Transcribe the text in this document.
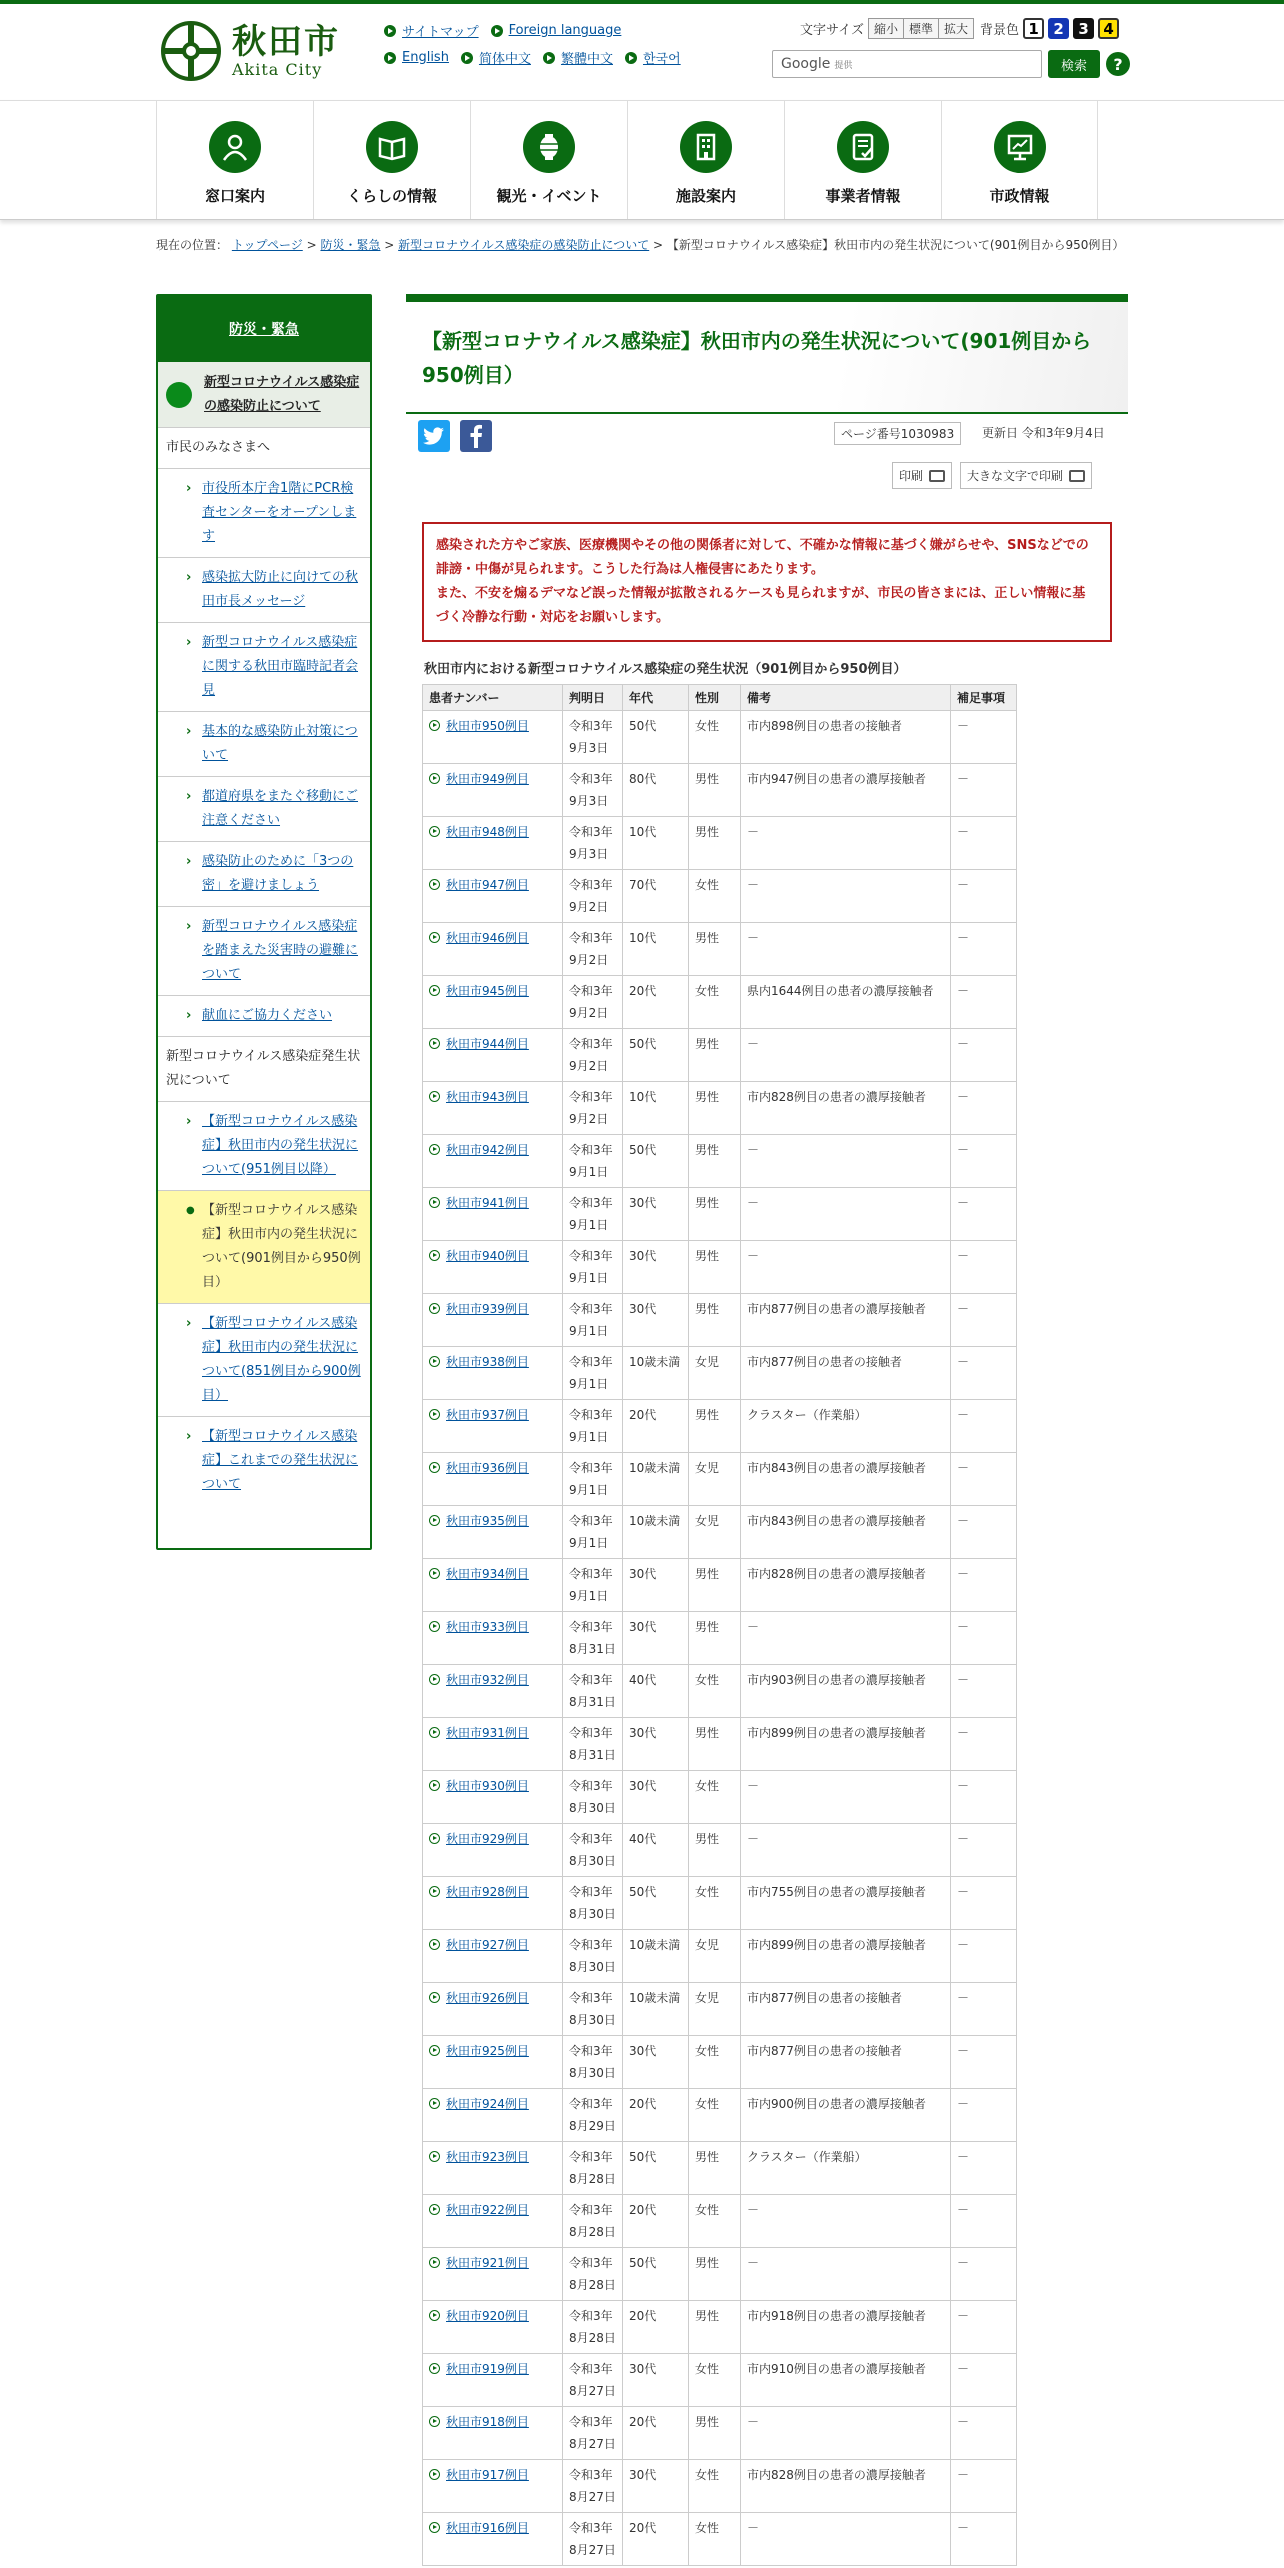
秋田市
Akita City
サイトマップ Foreign language
English 简体中文 繁體中文 한국어
文字サイズ 縮小 標準 拡大 背景色 1 2 3 4
Google 提供	検索	?
窓口案内	くらしの情報	観光・イベント	施設案内	事業者情報	市政情報
現在の位置： トップページ > 防災・緊急 > 新型コロナウイルス感染症の感染防止について > 【新型コロナウイルス感染症】秋田市内の発生状況について(901例目から950例目）
防災・緊急
新型コロナウイルス感染症の感染防止について
市民のみなさまへ
› 市役所本庁舎1階にPCR検査センターをオープンします
› 感染拡大防止に向けての秋田市長メッセージ
› 新型コロナウイルス感染症に関する秋田市臨時記者会見
› 基本的な感染防止対策について
› 都道府県をまたぐ移動にご注意ください
› 感染防止のために「3つの密」を避けましょう
› 新型コロナウイルス感染症を踏まえた災害時の避難について
› 献血にご協力ください
新型コロナウイルス感染症発生状況について
› 【新型コロナウイルス感染症】秋田市内の発生状況について(951例目以降）
● 【新型コロナウイルス感染症】秋田市内の発生状況について(901例目から950例目）
› 【新型コロナウイルス感染症】秋田市内の発生状況について(851例目から900例目）
› 【新型コロナウイルス感染症】これまでの発生状況について
【新型コロナウイルス感染症】秋田市内の発生状況について(901例目から950例目）
ページ番号1030983	更新日 令和3年9月4日
印刷	大きな文字で印刷
感染された方やご家族、医療機関やその他の関係者に対して、不確かな情報に基づく嫌がらせや、SNSなどでの誹謗・中傷が見られます。こうした行為は人権侵害にあたります。
また、不安を煽るデマなど誤った情報が拡散されるケースも見られますが、市民の皆さまには、正しい情報に基づく冷静な行動・対応をお願いします。
秋田市内における新型コロナウイルス感染症の発生状況（901例目から950例目）
患者ナンバー	判明日	年代	性別	備考	補足事項
秋田市950例目	令和3年9月3日	50代	女性	市内898例目の患者の接触者	－
秋田市949例目	令和3年9月3日	80代	男性	市内947例目の患者の濃厚接触者	－
秋田市948例目	令和3年9月3日	10代	男性	－	－
秋田市947例目	令和3年9月2日	70代	女性	－	－
秋田市946例目	令和3年9月2日	10代	男性	－	－
秋田市945例目	令和3年9月2日	20代	女性	県内1644例目の患者の濃厚接触者	－
秋田市944例目	令和3年9月2日	50代	男性	－	－
秋田市943例目	令和3年9月2日	10代	男性	市内828例目の患者の濃厚接触者	－
秋田市942例目	令和3年9月1日	50代	男性	－	－
秋田市941例目	令和3年9月1日	30代	男性	－	－
秋田市940例目	令和3年9月1日	30代	男性	－	－
秋田市939例目	令和3年9月1日	30代	男性	市内877例目の患者の濃厚接触者	－
秋田市938例目	令和3年9月1日	10歳未満	女児	市内877例目の患者の接触者	－
秋田市937例目	令和3年9月1日	20代	男性	クラスター（作業船）	－
秋田市936例目	令和3年9月1日	10歳未満	女児	市内843例目の患者の濃厚接触者	－
秋田市935例目	令和3年9月1日	10歳未満	女児	市内843例目の患者の濃厚接触者	－
秋田市934例目	令和3年9月1日	30代	男性	市内828例目の患者の濃厚接触者	－
秋田市933例目	令和3年8月31日	30代	男性	－	－
秋田市932例目	令和3年8月31日	40代	女性	市内903例目の患者の濃厚接触者	－
秋田市931例目	令和3年8月31日	30代	男性	市内899例目の患者の濃厚接触者	－
秋田市930例目	令和3年8月30日	30代	女性	－	－
秋田市929例目	令和3年8月30日	40代	男性	－	－
秋田市928例目	令和3年8月30日	50代	女性	市内755例目の患者の濃厚接触者	－
秋田市927例目	令和3年8月30日	10歳未満	女児	市内899例目の患者の濃厚接触者	－
秋田市926例目	令和3年8月30日	10歳未満	女児	市内877例目の患者の接触者	－
秋田市925例目	令和3年8月30日	30代	女性	市内877例目の患者の接触者	－
秋田市924例目	令和3年8月29日	20代	女性	市内900例目の患者の濃厚接触者	－
秋田市923例目	令和3年8月28日	50代	男性	クラスター（作業船）	－
秋田市922例目	令和3年8月28日	20代	女性	－	－
秋田市921例目	令和3年8月28日	50代	男性	－	－
秋田市920例目	令和3年8月28日	20代	男性	市内918例目の患者の濃厚接触者	－
秋田市919例目	令和3年8月27日	30代	女性	市内910例目の患者の濃厚接触者	－
秋田市918例目	令和3年8月27日	20代	男性	－	－
秋田市917例目	令和3年8月27日	30代	女性	市内828例目の患者の濃厚接触者	－
秋田市916例目	令和3年8月27日	20代	女性	－	－
